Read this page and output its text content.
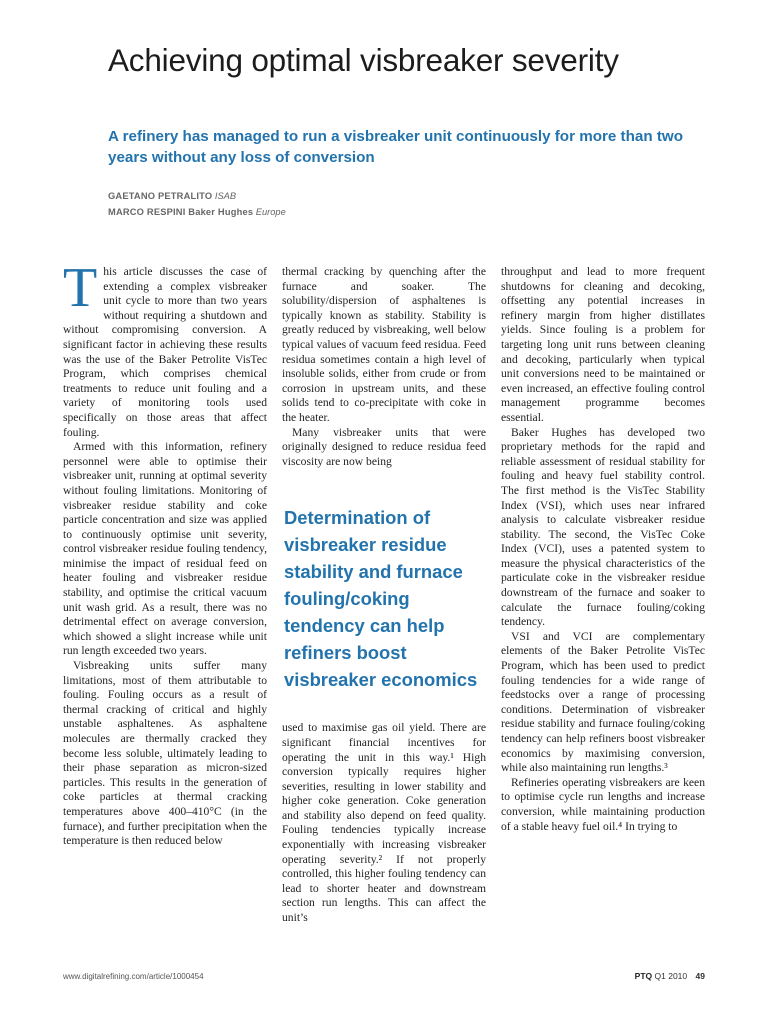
Achieving optimal visbreaker severity
A refinery has managed to run a visbreaker unit continuously for more than two years without any loss of conversion
GAETANO PETRALITO ISAB
MARCO RESPINI Baker Hughes Europe

This article discusses the case of extending a complex visbreaker unit cycle to more than two years without requiring a shutdown and without compromising conversion. A significant factor in achieving these results was the use of the Baker Petrolite VisTec Program, which comprises chemical treatments to reduce unit fouling and a variety of monitoring tools used specifically on those areas that affect fouling.

Armed with this information, refinery personnel were able to optimise their visbreaker unit, running at optimal severity without fouling limitations. Monitoring of visbreaker residue stability and coke particle concentration and size was applied to continuously optimise unit severity, control visbreaker residue fouling tendency, minimise the impact of residual feed on heater fouling and visbreaker residue stability, and optimise the critical vacuum unit wash grid. As a result, there was no detrimental effect on average conversion, which showed a slight increase while unit run length exceeded two years.

Visbreaking units suffer many limitations, most of them attributable to fouling. Fouling occurs as a result of thermal cracking of critical and highly unstable asphaltenes. As asphaltene molecules are thermally cracked they become less soluble, ultimately leading to their phase separation as micron-sized particles. This results in the generation of coke particles at thermal cracking temperatures above 400–410°C (in the furnace), and further precipitation when the temperature is then reduced below

thermal cracking by quenching after the furnace and soaker. The solubility/dispersion of asphaltenes is typically known as stability. Stability is greatly reduced by visbreaking, well below typical values of vacuum feed residua. Feed residua sometimes contain a high level of insoluble solids, either from crude or from corrosion in upstream units, and these solids tend to co-precipitate with coke in the heater.

Many visbreaker units that were originally designed to reduce residua feed viscosity are now being

Determination of visbreaker residue stability and furnace fouling/coking tendency can help refiners boost visbreaker economics

used to maximise gas oil yield. There are significant financial incentives for operating the unit in this way.¹ High conversion typically requires higher severities, resulting in lower stability and higher coke generation. Coke generation and stability also depend on feed quality. Fouling tendencies typically increase exponentially with increasing visbreaker operating severity.² If not properly controlled, this higher fouling tendency can lead to shorter heater and downstream section run lengths. This can affect the unit’s

throughput and lead to more frequent shutdowns for cleaning and decoking, offsetting any potential increases in refinery margin from higher distillates yields. Since fouling is a problem for targeting long unit runs between cleaning and decoking, particularly when typical unit conversions need to be maintained or even increased, an effective fouling control management programme becomes essential.

Baker Hughes has developed two proprietary methods for the rapid and reliable assessment of residual stability for fouling and heavy fuel stability control. The first method is the VisTec Stability Index (VSI), which uses near infrared analysis to calculate visbreaker residue stability. The second, the VisTec Coke Index (VCI), uses a patented system to measure the physical characteristics of the particulate coke in the visbreaker residue downstream of the furnace and soaker to calculate the furnace fouling/coking tendency.

VSI and VCI are complementary elements of the Baker Petrolite VisTec Program, which has been used to predict fouling tendencies for a wide range of feedstocks over a range of processing conditions. Determination of visbreaker residue stability and furnace fouling/coking tendency can help refiners boost visbreaker economics by maximising conversion, while also maintaining run lengths.³

Refineries operating visbreakers are keen to optimise cycle run lengths and increase conversion, while maintaining production of a stable heavy fuel oil.⁴ In trying to

www.digitalrefining.com/article/1000454	PTQ Q1 2010 49
